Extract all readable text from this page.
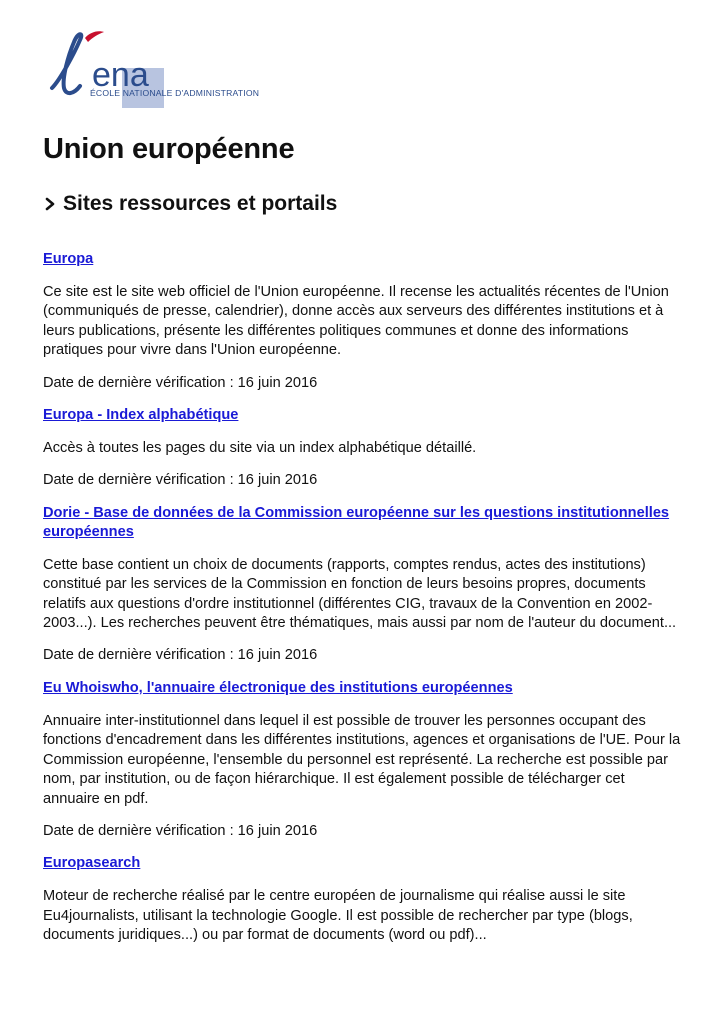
ena
ÉCOLE NATIONALE D'ADMINISTRATION
Union européenne
Sites ressources et portails
Europa

Ce site est le site web officiel de l'Union européenne. Il recense les actualités récentes de l'Union (communiqués de presse, calendrier), donne accès aux serveurs des différentes institutions et à leurs publications, présente les différentes politiques communes et donne des informations pratiques pour vivre dans l'Union européenne.

Date de dernière vérification : 16 juin 2016

Europa - Index alphabétique

Accès à toutes les pages du site via un index alphabétique détaillé.

Date de dernière vérification : 16 juin 2016

Dorie - Base de données de la Commission européenne sur les questions institutionnelles européennes

Cette base contient un choix de documents (rapports, comptes rendus, actes des institutions) constitué par les services de la Commission en fonction de leurs besoins propres, documents relatifs aux questions d'ordre institutionnel (différentes CIG, travaux de la Convention en 2002-2003...). Les recherches peuvent être thématiques, mais aussi par nom de l'auteur du document...

Date de dernière vérification : 16 juin 2016

Eu Whoiswho, l'annuaire électronique des institutions européennes

Annuaire inter-institutionnel dans lequel il est possible de trouver les personnes occupant des fonctions d'encadrement dans les différentes institutions, agences et organisations de l'UE. Pour la Commission européenne, l'ensemble du personnel est représenté. La recherche est possible par nom, par institution, ou de façon hiérarchique. Il est également possible de télécharger cet annuaire en pdf.

Date de dernière vérification : 16 juin 2016

Europasearch

Moteur de recherche réalisé par le centre européen de journalisme qui réalise aussi le site Eu4journalists, utilisant la technologie Google. Il est possible de rechercher par type (blogs, documents juridiques...) ou par format de documents (word ou pdf)...
